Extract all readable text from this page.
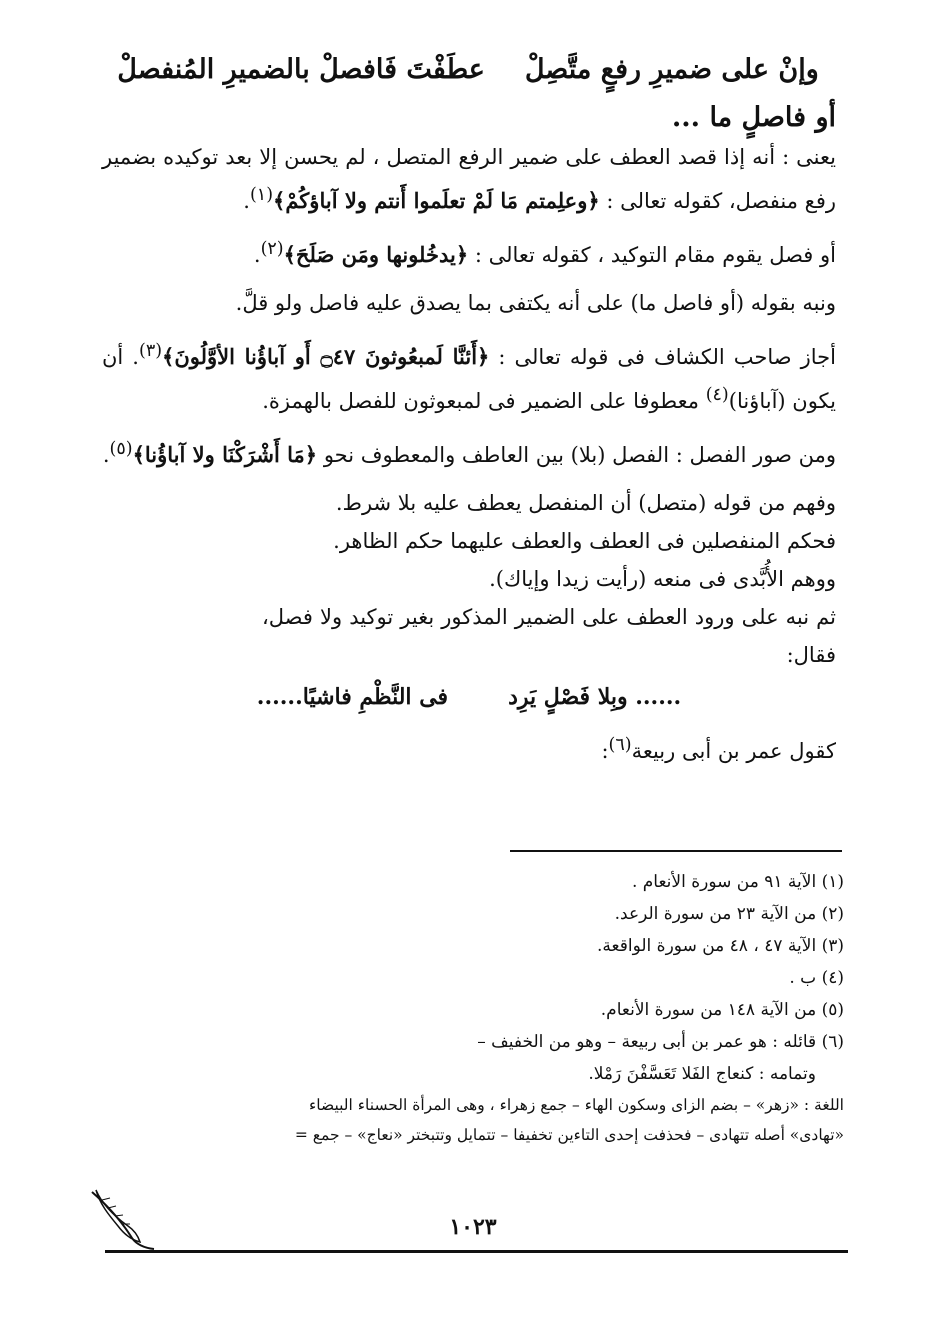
وإنْ على ضميرِ رفعٍ متَّصِلْعطَفْتَ فَافصلْ بالضميرِ المُنفصلْ
أو فاصلٍ ما ...

يعنى : أنه إذا قصد العطف على ضمير الرفع المتصل ، لم يحسن إلا بعد توكيده بضمير رفع منفصل، كقوله تعالى : ﴿وعلِمتم مَا لَمْ تعلَموا أَنتم ولا آباؤكُمْ﴾$^{(١)}$.

أو فصل يقوم مقام التوكيد ، كقوله تعالى : ﴿يدخُلونها ومَن صَلَحَ﴾$^{(٢)}$.

ونبه بقوله (أو فاصل ما) على أنه يكتفى بما يصدق عليه فاصل ولو قلَّ.

أجاز صاحب الكشاف فى قوله تعالى : ﴿أَئنَّا لَمبعُوثونَ ۝٤٧ أَو آباؤُنا الأوَّلُونَ﴾$^{(٣)}$. أن يكون (آباؤنا)$^{(٤)}$ معطوفا على الضمير فى لمبعوثون للفصل بالهمزة.

ومن صور الفصل : الفصل (بلا) بين العاطف والمعطوف نحو ﴿مَا أَشْرَكْنَا ولا آباؤُنا﴾$^{(٥)}$.

وفهم من قوله (متصل) أن المنفصل يعطف عليه بلا شرط.

فحكم المنفصلين فى العطف والعطف عليهما حكم الظاهر.

ووهم الأُبَّدى فى منعه (رأيت زيدا وإياك).

ثم نبه على ورود العطف على الضمير المذكور بغير توكيد ولا فصل، فقال:

...... وبِلا فَصْلٍ يَرِدفى النَّظْمِ فاشيًا......

كقول عمر بن أبى ربيعة$^{(٦)}$:

(١) الآية ٩١ من سورة الأنعام .
(٢) من الآية ٢٣ من سورة الرعد.
(٣) الآية ٤٧ ، ٤٨ من سورة الواقعة.
(٤) ب .
(٥) من الآية ١٤٨ من سورة الأنعام.
(٦) قائله : هو عمر بن أبى ربيعة – وهو من الخفيف –
وتمامه : كنعاج الفَلا تَعَسَّفْنَ رَمْلا.
اللغة : «زهر» – بضم الزاى وسكون الهاء – جمع زهراء ، وهى المرأة الحسناء البيضاء
«تهادى» أصله تتهادى – فحذفت إحدى التاءين تخفيفا – تتمايل وتتبختر «نعاج» – جمع =
١٠٢٣
